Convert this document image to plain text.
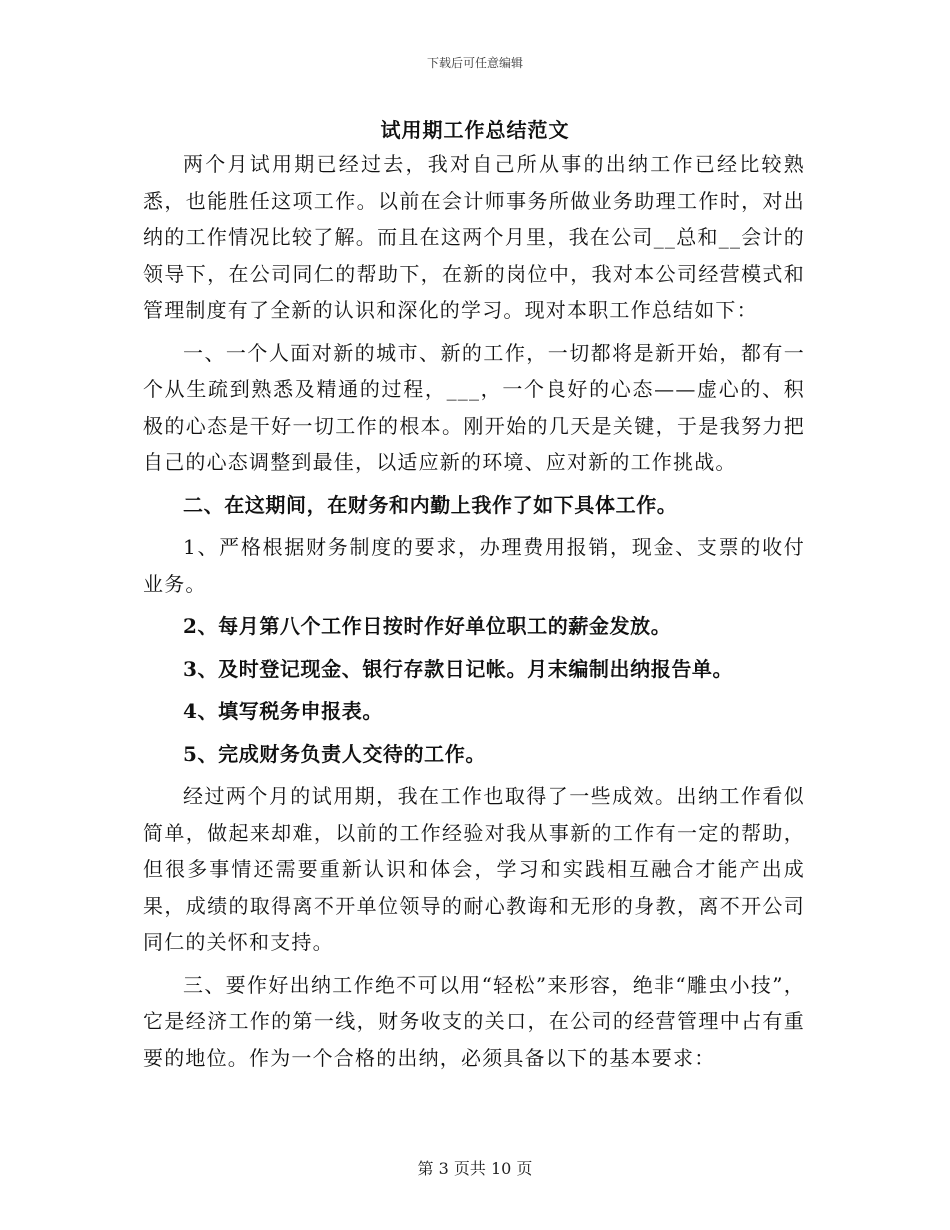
下载后可任意编辑
试用期工作总结范文

两个月试用期已经过去，我对自己所从事的出纳工作已经比较熟悉，也能胜任这项工作。以前在会计师事务所做业务助理工作时，对出纳的工作情况比较了解。而且在这两个月里，我在公司__总和__会计的领导下，在公司同仁的帮助下，在新的岗位中，我对本公司经营模式和管理制度有了全新的认识和深化的学习。现对本职工作总结如下：

一、一个人面对新的城市、新的工作，一切都将是新开始，都有一个从生疏到熟悉及精通的过程，___，一个良好的心态——虚心的、积极的心态是干好一切工作的根本。刚开始的几天是关键，于是我努力把自己的心态调整到最佳，以适应新的环境、应对新的工作挑战。

二、在这期间，在财务和内勤上我作了如下具体工作。

1、严格根据财务制度的要求，办理费用报销，现金、支票的收付业务。

2、每月第八个工作日按时作好单位职工的薪金发放。

3、及时登记现金、银行存款日记帐。月末编制出纳报告单。

4、填写税务申报表。

5、完成财务负责人交待的工作。

经过两个月的试用期，我在工作也取得了一些成效。出纳工作看似简单，做起来却难，以前的工作经验对我从事新的工作有一定的帮助，但很多事情还需要重新认识和体会，学习和实践相互融合才能产出成果，成绩的取得离不开单位领导的耐心教诲和无形的身教，离不开公司同仁的关怀和支持。

三、要作好出纳工作绝不可以用“轻松”来形容，绝非“雕虫小技”，它是经济工作的第一线，财务收支的关口，在公司的经营管理中占有重要的地位。作为一个合格的出纳，必须具备以下的基本要求：

第 3 页共 10 页
